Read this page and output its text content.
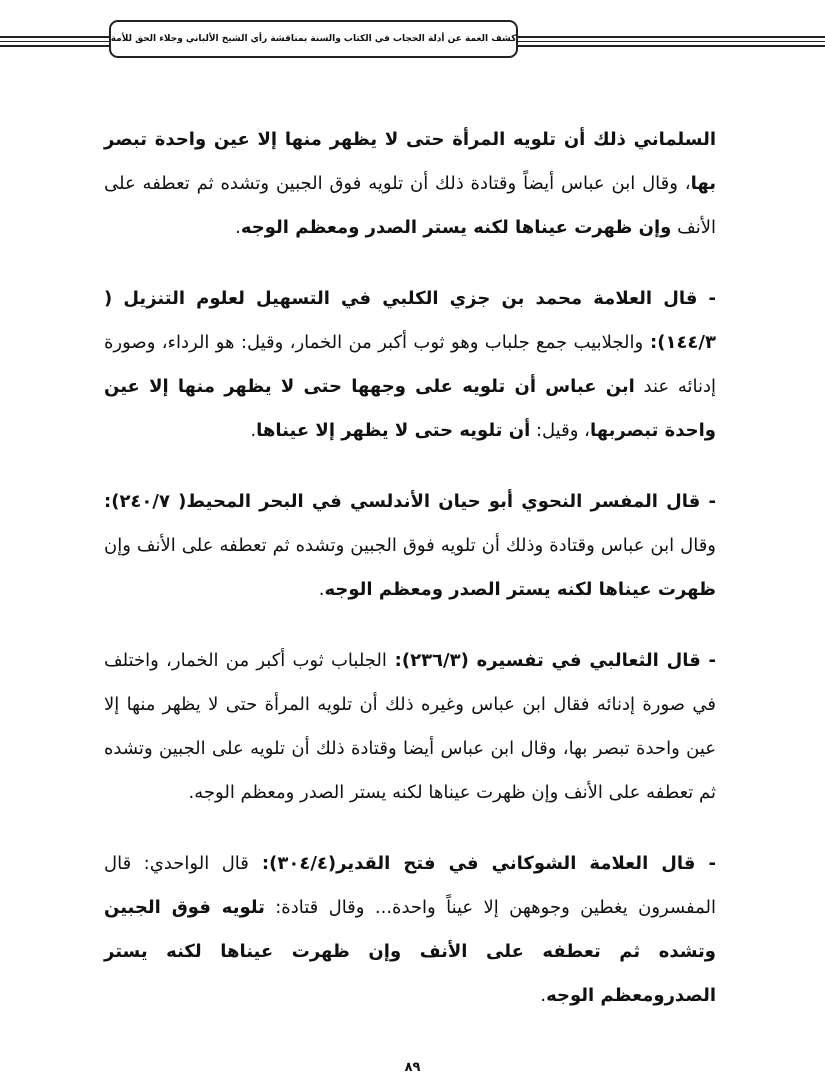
كشف الغمة عن أدلة الحجاب في الكتاب والسنة بمناقشة رأي الشيخ الألباني وجلاء الحق للأمة

السلماني ذلك أن تلويه المرأة حتى لا يظهر منها إلا عين واحدة تبصر بها، وقال ابن عباس أيضاً وقتادة ذلك أن تلويه فوق الجبين وتشده ثم تعطفه على الأنف وإن ظهرت عيناها لكنه يستر الصدر ومعظم الوجه.

- قال العلامة محمد بن جزي الكلبي في التسهيل لعلوم التنزيل ( ١٤٤/٣): والجلابيب جمع جلباب وهو ثوب أكبر من الخمار، وقيل: هو الرداء، وصورة إدنائه عند ابن عباس أن تلويه على وجهها حتى لا يظهر منها إلا عين واحدة تبصربها، وقيل: أن تلويه حتى لا يظهر إلا عيناها.

- قال المفسر النحوي أبو حيان الأندلسي في البحر المحيط( ٢٤٠/٧): وقال ابن عباس وقتادة وذلك أن تلويه فوق الجبين وتشده ثم تعطفه على الأنف وإن ظهرت عيناها لكنه يستر الصدر ومعظم الوجه.

- قال الثعالبي في تفسيره (٢٣٦/٣): الجلباب ثوب أكبر من الخمار، واختلف في صورة إدنائه فقال ابن عباس وغيره ذلك أن تلويه المرأة حتى لا يظهر منها إلا عين واحدة تبصر بها، وقال ابن عباس أيضا وقتادة ذلك أن تلويه على الجبين وتشده ثم تعطفه على الأنف وإن ظهرت عيناها لكنه يستر الصدر ومعظم الوجه.

- قال العلامة الشوكاني في فتح القدير(٣٠٤/٤): قال الواحدي: قال المفسرون يغطين وجوههن إلا عيناً واحدة... وقال قتادة: تلويه فوق الجبين وتشده ثم تعطفه على الأنف وإن ظهرت عيناها لكنه يستر الصدرومعظم الوجه.

٨٩
